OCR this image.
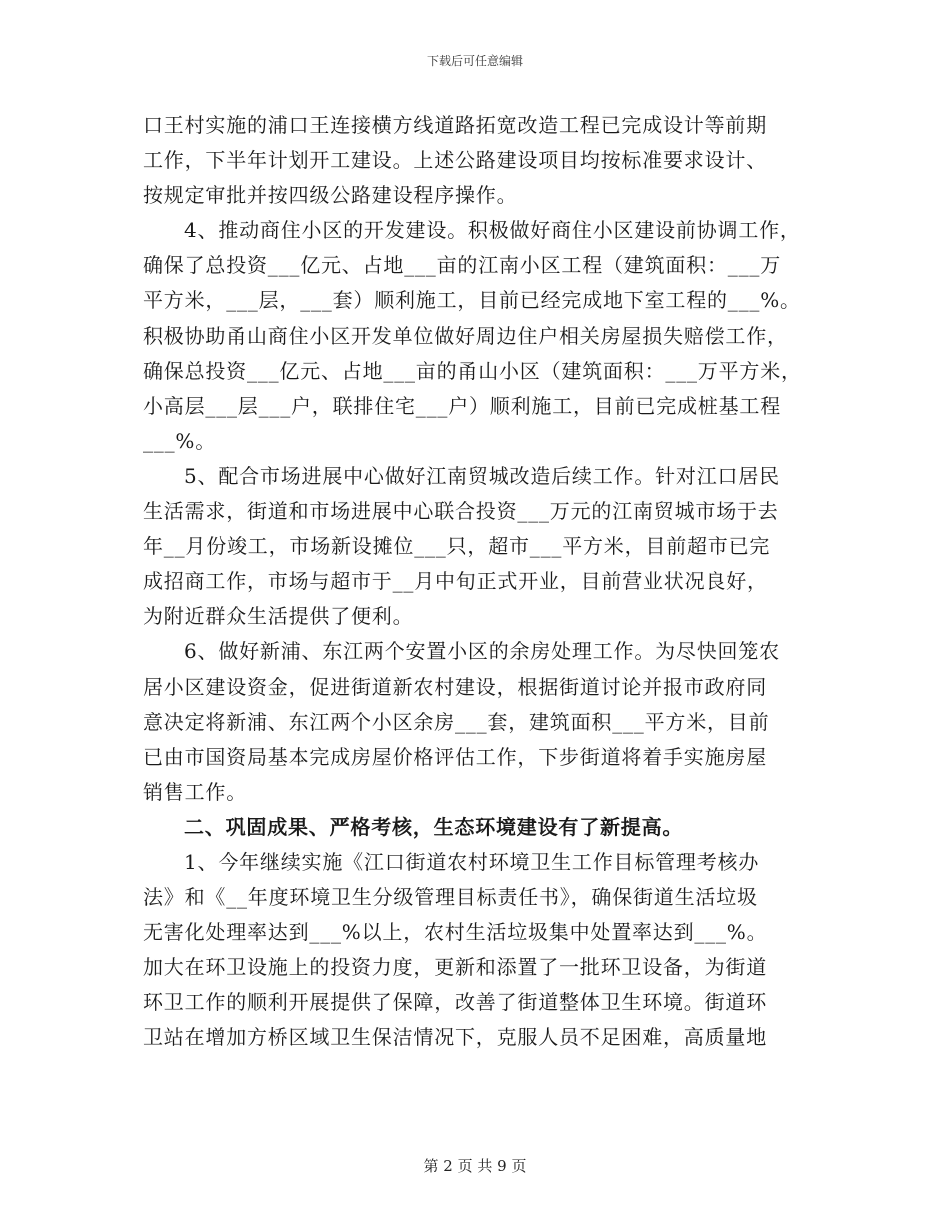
下载后可任意编辑
口王村实施的浦口王连接横方线道路拓宽改造工程已完成设计等前期
工作，下半年计划开工建设。上述公路建设项目均按标准要求设计、
按规定审批并按四级公路建设程序操作。
4、推动商住小区的开发建设。积极做好商住小区建设前协调工作，
确保了总投资___亿元、占地___亩的江南小区工程（建筑面积：___万
平方米，___层，___套）顺利施工，目前已经完成地下室工程的___%。
积极协助甬山商住小区开发单位做好周边住户相关房屋损失赔偿工作，
确保总投资___亿元、占地___亩的甬山小区（建筑面积：___万平方米，
小高层___层___户，联排住宅___户）顺利施工，目前已完成桩基工程
___%。
5、配合市场进展中心做好江南贸城改造后续工作。针对江口居民
生活需求，街道和市场进展中心联合投资___万元的江南贸城市场于去
年__月份竣工，市场新设摊位___只，超市___平方米，目前超市已完
成招商工作，市场与超市于__月中旬正式开业，目前营业状况良好，
为附近群众生活提供了便利。
6、做好新浦、东江两个安置小区的余房处理工作。为尽快回笼农
居小区建设资金，促进街道新农村建设，根据街道讨论并报市政府同
意决定将新浦、东江两个小区余房___套，建筑面积___平方米，目前
已由市国资局基本完成房屋价格评估工作，下步街道将着手实施房屋
销售工作。
二、巩固成果、严格考核，生态环境建设有了新提高。
1、今年继续实施《江口街道农村环境卫生工作目标管理考核办
法》和《__年度环境卫生分级管理目标责任书》，确保街道生活垃圾
无害化处理率达到___%以上，农村生活垃圾集中处置率达到___%。
加大在环卫设施上的投资力度，更新和添置了一批环卫设备，为街道
环卫工作的顺利开展提供了保障，改善了街道整体卫生环境。街道环
卫站在增加方桥区域卫生保洁情况下，克服人员不足困难，高质量地
第 2 页 共 9 页
